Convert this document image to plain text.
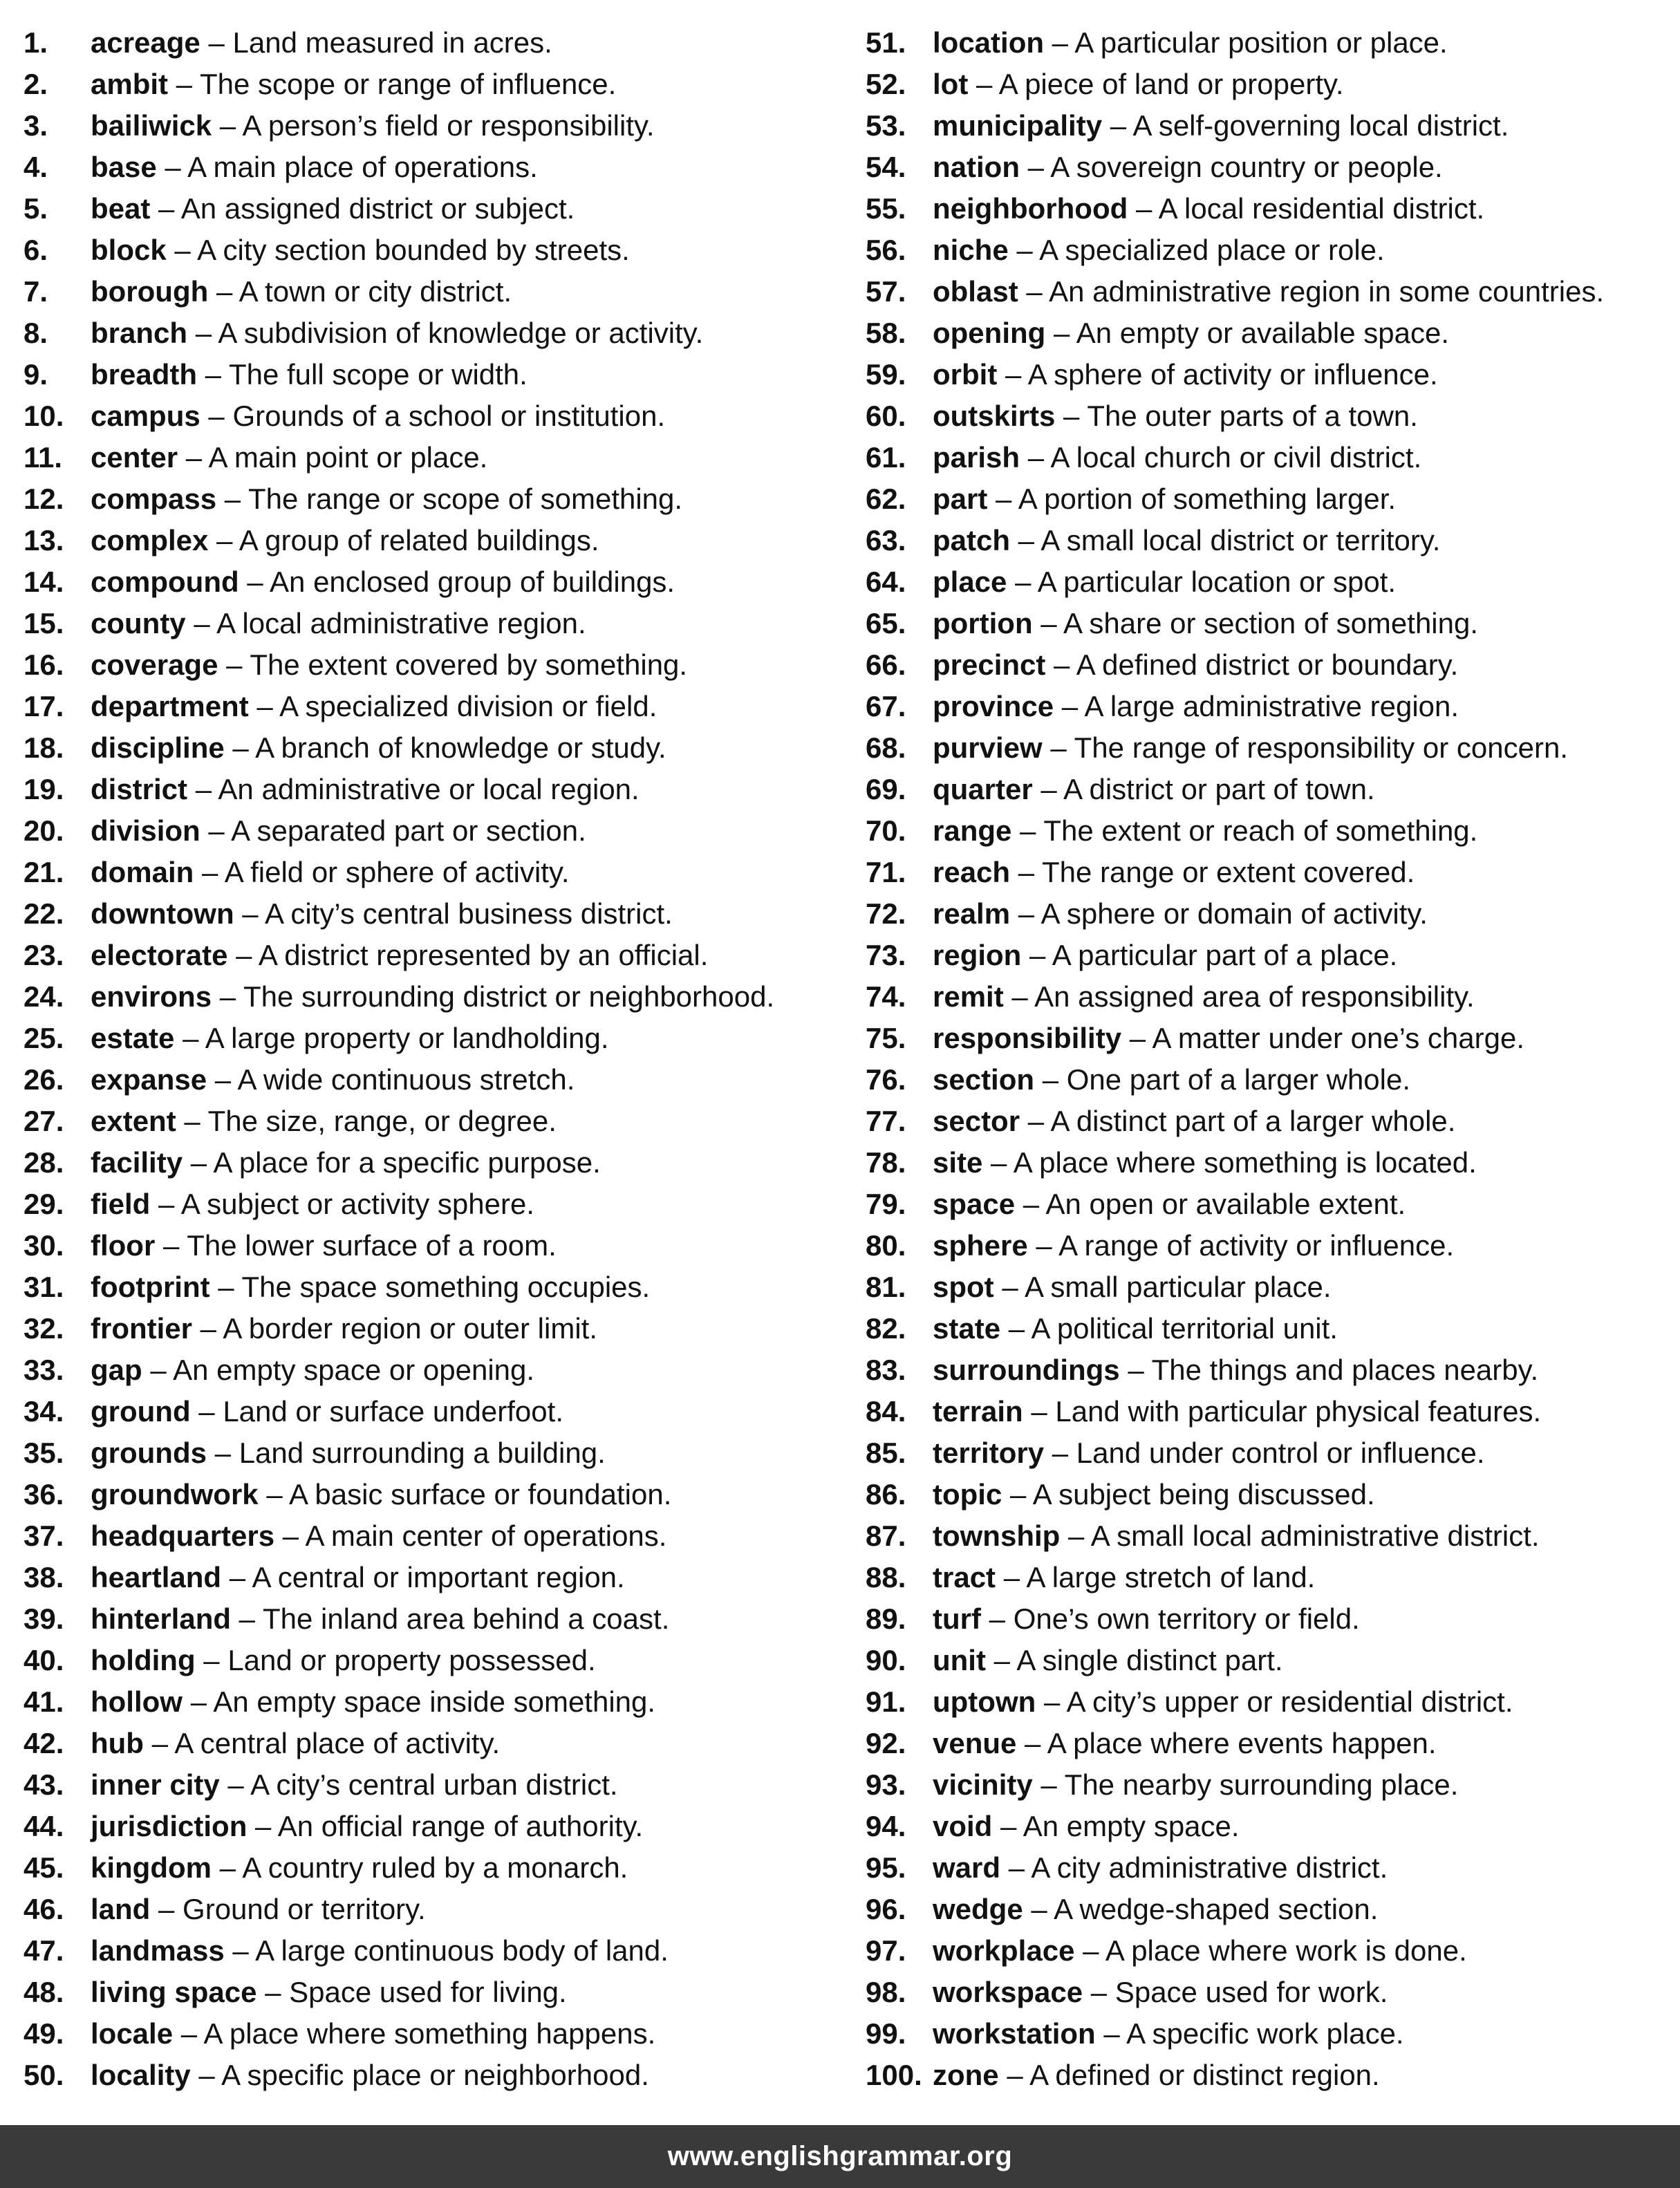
1.	acreage – Land measured in acres.
2.	ambit – The scope or range of influence.
3.	bailiwick – A person’s field or responsibility.
4.	base – A main place of operations.
5.	beat – An assigned district or subject.
6.	block – A city section bounded by streets.
7.	borough – A town or city district.
8.	branch – A subdivision of knowledge or activity.
9.	breadth – The full scope or width.
10. campus – Grounds of a school or institution.
11. center – A main point or place.
12. compass – The range or scope of something.
13. complex – A group of related buildings.
14. compound – An enclosed group of buildings.
15. county – A local administrative region.
16. coverage – The extent covered by something.
17. department – A specialized division or field.
18. discipline – A branch of knowledge or study.
19. district – An administrative or local region.
20. division – A separated part or section.
21. domain – A field or sphere of activity.
22. downtown – A city’s central business district.
23. electorate – A district represented by an official.
24. environs – The surrounding district or neighborhood.
25. estate – A large property or landholding.
26. expanse – A wide continuous stretch.
27. extent – The size, range, or degree.
28. facility – A place for a specific purpose.
29. field – A subject or activity sphere.
30. floor – The lower surface of a room.
31. footprint – The space something occupies.
32. frontier – A border region or outer limit.
33. gap – An empty space or opening.
34. ground – Land or surface underfoot.
35. grounds – Land surrounding a building.
36. groundwork – A basic surface or foundation.
37. headquarters – A main center of operations.
38. heartland – A central or important region.
39. hinterland – The inland area behind a coast.
40. holding – Land or property possessed.
41. hollow – An empty space inside something.
42. hub – A central place of activity.
43. inner city – A city’s central urban district.
44. jurisdiction – An official range of authority.
45. kingdom – A country ruled by a monarch.
46. land – Ground or territory.
47. landmass – A large continuous body of land.
48. living space – Space used for living.
49. locale – A place where something happens.
50. locality – A specific place or neighborhood.
51. location – A particular position or place.
52. lot – A piece of land or property.
53. municipality – A self-governing local district.
54. nation – A sovereign country or people.
55. neighborhood – A local residential district.
56. niche – A specialized place or role.
57. oblast – An administrative region in some countries.
58. opening – An empty or available space.
59. orbit – A sphere of activity or influence.
60. outskirts – The outer parts of a town.
61. parish – A local church or civil district.
62. part – A portion of something larger.
63. patch – A small local district or territory.
64. place – A particular location or spot.
65. portion – A share or section of something.
66. precinct – A defined district or boundary.
67. province – A large administrative region.
68. purview – The range of responsibility or concern.
69. quarter – A district or part of town.
70. range – The extent or reach of something.
71. reach – The range or extent covered.
72. realm – A sphere or domain of activity.
73. region – A particular part of a place.
74. remit – An assigned area of responsibility.
75. responsibility – A matter under one’s charge.
76. section – One part of a larger whole.
77. sector – A distinct part of a larger whole.
78. site – A place where something is located.
79. space – An open or available extent.
80. sphere – A range of activity or influence.
81. spot – A small particular place.
82. state – A political territorial unit.
83. surroundings – The things and places nearby.
84. terrain – Land with particular physical features.
85. territory – Land under control or influence.
86. topic – A subject being discussed.
87. township – A small local administrative district.
88. tract – A large stretch of land.
89. turf – One’s own territory or field.
90. unit – A single distinct part.
91. uptown – A city’s upper or residential district.
92. venue – A place where events happen.
93. vicinity – The nearby surrounding place.
94. void – An empty space.
95. ward – A city administrative district.
96. wedge – A wedge-shaped section.
97. workplace – A place where work is done.
98. workspace – Space used for work.
99. workstation – A specific work place.
100. zone – A defined or distinct region.
www.englishgrammar.org
